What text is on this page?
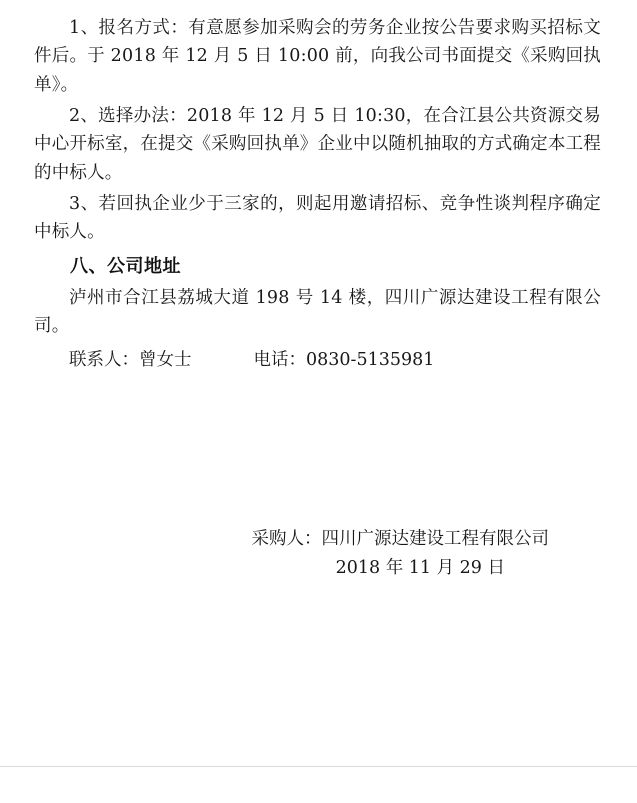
1、报名方式：有意愿参加采购会的劳务企业按公告要求购买招标文件后。于 2018 年 12 月 5 日 10:00 前，向我公司书面提交《采购回执单》。

2、选择办法：2018 年 12 月 5 日 10:30，在合江县公共资源交易中心开标室，在提交《采购回执单》企业中以随机抽取的方式确定本工程的中标人。

3、若回执企业少于三家的，则起用邀请招标、竞争性谈判程序确定中标人。

八、公司地址

泸州市合江县荔城大道 198 号 14 楼，四川广源达建设工程有限公司。

联系人：曾女士	电话：0830-5135981

采购人：四川广源达建设工程有限公司

2018 年 11 月 29 日
